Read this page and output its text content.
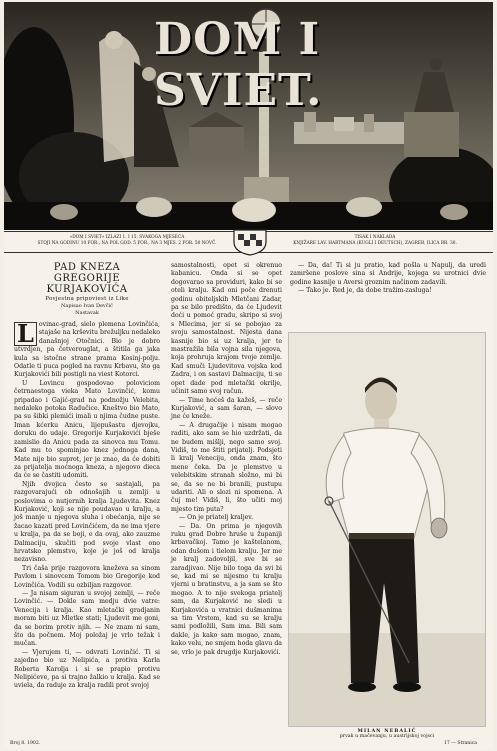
DOM I SVIET.
»DOM I SVIET« IZLAZI 1. I 15. SVAKOGA MJESECA
STOJI NA GODINU 10 FOR., NA POL GOD. 5 FOR., NA 3 MJES. 2 FOR. 50 NOVČ.
TISAK I NAKLADA
KNJIŽARE LAV. HARTMANA (KUGLI I DEUTSCH), ZAGREB, ILICA BR. 30.

PAD KNEZA

GREGORIJE KURJAKOVIĆA

Povjestna pripoviest iz Like

Napisao Ivan Devčić

Nastavak

L ovinac-grad, sielo plemena Lovinčića, stajaše na krševitu brežuljku nedaleko današnjoj Otočnici. Bio je dobro utvrdjen, pa četverouglat, a štitila ga jaka kula sa istočne strane prama Kosinj-polju. Odatle ti puca pogled na ravnu Krbavu, što ga Kurjakovići bili postigli na viest Kotorci.

U Lovincu gospodovao poloviciom četrnaestoga vieka Mato Lovinčić, komu pripadao i Gajić-grad na podnožju Velebita, nedaleko potoka Radučice. Kneštvo bio Mato, pa su šibki plemići imali u njima čudne puste. Iman kćerku Anicu, lijepušastu djevojku, doruku do udaje. Gregorije Kurjakovići bješe zamislio da Anicu pada za sinovca mu Tomu. Kad mu to spominjao knez jednoga dana, Mate nije bio suprot, jer je znao, da će dobiti za prijatelja moćnoga kneza, a njegovo dieca da će se častiti udomiti.

Njih dvojica često se sastajali, pa razgovarajući ob odnošajih u zemlji u poslovima o nutjernih kralja Ljudevita. Knez Kurjaković, koji se nije poudavao u kralju, a još manje u njegova sluha i obećanja, nije se žacao kazati pred Lovinčićem, da ne ima vjere u kralja, pa da se boji, e da ovaj, ako zauzme Dalmaciju, skučiti pod svoje vlast ono hrvatsko plemstvo, koje je još od kralja nezavisno.

Tri čaša prije razgovora kneževa sa sinom Pavlom i sinovcem Tomom bio Gregorije kod Lovinčića. Vodili su ozbiljan razgovor.

— Ja nisam siguran u svojoj zemlji, — reče Lovinčić. — Dokle sam medju dvie vatre: Venecija i kralja. Kao mletački gradjanin moram biti uz Mletke stati; Ljudevit me goni, da se borim protiv njih. — Ne znam ni sam, što da počnem. Moj položaj je vrlo težak i mučan.

— Vjerujem ti, — odvrati Lovinčić. Ti si zajedno bio uz Nelipića, a protiva Karla Roberta Karolja i si se prapio protivu Nelipićeve, pa si trajno žalkio u kralja. Kad se uviela, da raduje za kralja radili prot svojoj

samostalnosti, opet si okrenuo kabanicu. Onda si se opet dogovarao sa providuri, kako bi se oteli kralju. Kad oni poče drenuti godinu obiteljskih Mletčani Zadar, pa se bilo predišto, da će Ljudevit doći u pomoć gradu, skripo si svoj s Mlecima, jer si se pobojao za svoju samostalnost. Nijesta dana kasnije bio si uz kralja, jer te mastražila bila vojna sila njegova, koja prohruja krajom tvoje zemlje. Kad smuči Ljudevitova vojska kod Zadra, i on sastavi Dalmaciju, ti se opet dade pod mletački okrilje, učinit samo svoj račun.

— Time hoćeš da kažeš, — reče Kurjaković, a sam šaran, — slovo jne će kneže.

— A drugačije i nisam mogao raditi, ako sam se hio uzdržati, da ne budem mišlji, nego samo svoj. Vidiš, to me štiti prijatelj. Podsjeti li kralj Veneciju, onda znam, što mene čeka. Da je plemstvo u velebitskim stranah složno, mi bi se, da se ne bi branili, pustupu udariti. Ali o slozi ni spomena. A čuj me! Vidiš, li, što učiti moj mjesto tim puta?

— On je priatelj kraljev.

— Da. On prima je njegovih ruku grad Dobre hruše u županiji krbavačkoj. Tamo je kaštelanom, odan dušom i tielom kralju. Jer me je kralj zadovoljil, sve bi se zaradjivao. Nije bilo toga da svi bi se, kad mi se nijesmo tu kralju vjerni u bratinstvu, a ja sam se što mogao. A to nije svekoga priatelj sam, da Kurjaković ne sledi u Kurjakovića u vratnici dušmanima sa tim Vrstom, kad su se kralju sami podložili, Sam ima. Bili sam dakle, ja kako sam mogao, znam, kako velu, ne smjem hoda glavu da se, vrlo je pak drugdje Kurjakovići.

— Da, da! Ti si ju pratio, kad pošla u Napulj, da uredi zamršene poslove sina si Andrije, kojega su urotnici dvie godine kasnije u Aversi groznim načinom zadavili.

— Tako je. Red je, da dobe tražim-zasluga!

MILAN NEBALIĆ
prvak u mačevanju, u austrijskoj vojsci
Broj 8. 1902.	17 — Stranica
